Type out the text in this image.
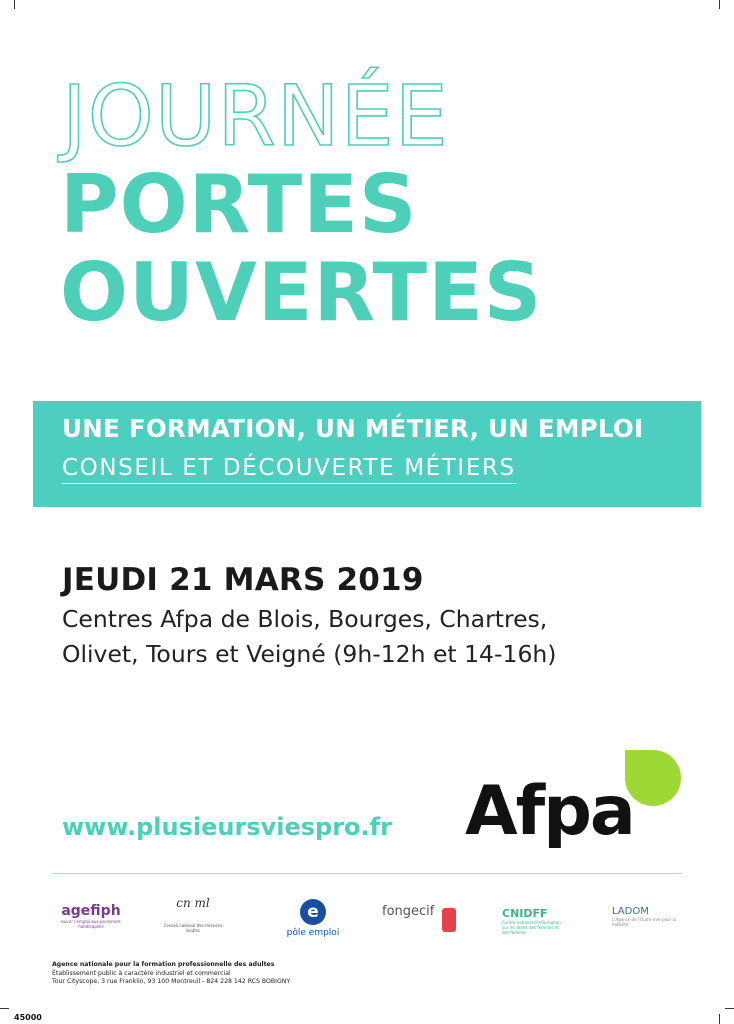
JOURNÉE
PORTES
OUVERTES
UNE FORMATION, UN MÉTIER, UN EMPLOI
CONSEIL ET DÉCOUVERTE MÉTIERS
JEUDI 21 MARS 2019
Centres Afpa de Blois, Bourges, Chartres,
Olivet, Tours et Veigné (9h-12h et 14-16h)
www.plusieursviespro.fr Afpa
agefiph
ouvrir l'emploi aux personnes handicapées
cn ml
Conseil national des missions locales
e
pôle emploi
fongecif	CNIDFF
Centre national d'information sur les droits des femmes et des familles
LADOM
L'Agence de l'Outre-mer pour la mobilité
Agence nationale pour la formation professionnelle des adultes
Établissement public à caractère industriel et commercial
Tour Cityscope, 3 rue Franklin, 93 100 Montreuil - 824 228 142 RCS BOBIGNY
45000
